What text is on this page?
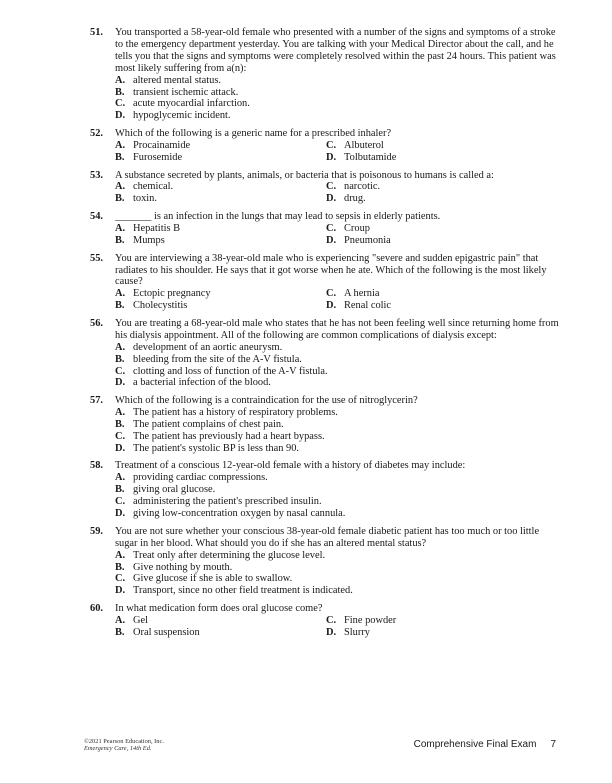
51. You transported a 58-year-old female who presented with a number of the signs and symptoms of a stroke to the emergency department yesterday. You are talking with your Medical Director about the call, and he tells you that the signs and symptoms were completely resolved within the past 24 hours. This patient was most likely suffering from a(n):
A. altered mental status.
B. transient ischemic attack.
C. acute myocardial infarction.
D. hypoglycemic incident.
52. Which of the following is a generic name for a prescribed inhaler?
A. Procainamide	C. Albuterol
B. Furosemide	D. Tolbutamide
53. A substance secreted by plants, animals, or bacteria that is poisonous to humans is called a:
A. chemical.	C. narcotic.
B. toxin.	D. drug.
54. _______ is an infection in the lungs that may lead to sepsis in elderly patients.
A. Hepatitis B	C. Croup
B. Mumps	D. Pneumonia
55. You are interviewing a 38-year-old male who is experiencing "severe and sudden epigastric pain" that radiates to his shoulder. He says that it got worse when he ate. Which of the following is the most likely cause?
A. Ectopic pregnancy	C. A hernia
B. Cholecystitis	D. Renal colic
56. You are treating a 68-year-old male who states that he has not been feeling well since returning home from his dialysis appointment. All of the following are common complications of dialysis except:
A. development of an aortic aneurysm.
B. bleeding from the site of the A-V fistula.
C. clotting and loss of function of the A-V fistula.
D. a bacterial infection of the blood.
57. Which of the following is a contraindication for the use of nitroglycerin?
A. The patient has a history of respiratory problems.
B. The patient complains of chest pain.
C. The patient has previously had a heart bypass.
D. The patient's systolic BP is less than 90.
58. Treatment of a conscious 12-year-old female with a history of diabetes may include:
A. providing cardiac compressions.
B. giving oral glucose.
C. administering the patient's prescribed insulin.
D. giving low-concentration oxygen by nasal cannula.
59. You are not sure whether your conscious 38-year-old female diabetic patient has too much or too little sugar in her blood. What should you do if she has an altered mental status?
A. Treat only after determining the glucose level.
B. Give nothing by mouth.
C. Give glucose if she is able to swallow.
D. Transport, since no other field treatment is indicated.
60. In what medication form does oral glucose come?
A. Gel	C. Fine powder
B. Oral suspension	D. Slurry
©2021 Pearson Education, Inc.
Emergency Care, 14th Ed.	Comprehensive Final Exam 7
